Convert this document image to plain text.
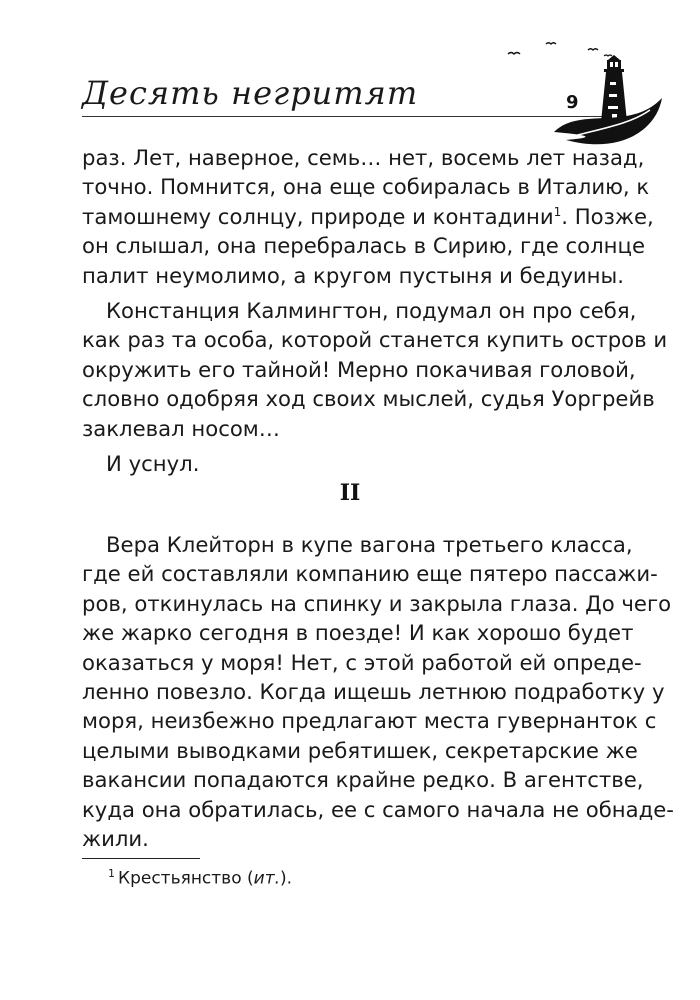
Десять негритят	9
раз. Лет, наверное, семь… нет, восемь лет назад,
точно. Помнится, она еще собиралась в Италию, к
тамошнему солнцу, природе и контадини$^1$. Позже,
он слышал, она перебралась в Сирию, где солнце
палит неумолимо, а кругом пустыня и бедуины.
Констанция Калмингтон, подумал он про себя,
как раз та особа, которой станется купить остров и
окружить его тайной! Мерно покачивая головой,
словно одобряя ход своих мыслей, судья Уоргрейв
заклевал носом…
И уснул.
II
Вера Клейторн в купе вагона третьего класса,
где ей составляли компанию еще пятеро пассажи-
ров, откинулась на спинку и закрыла глаза. До чего
же жарко сегодня в поезде! И как хорошо будет
оказаться у моря! Нет, с этой работой ей опреде-
ленно повезло. Когда ищешь летнюю подработку у
моря, неизбежно предлагают места гувернанток с
целыми выводками ребятишек, секретарские же
вакансии попадаются крайне редко. В агентстве,
куда она обратилась, ее с самого начала не обнаде-
жили.
$^1$ Крестьянство (ит.).
